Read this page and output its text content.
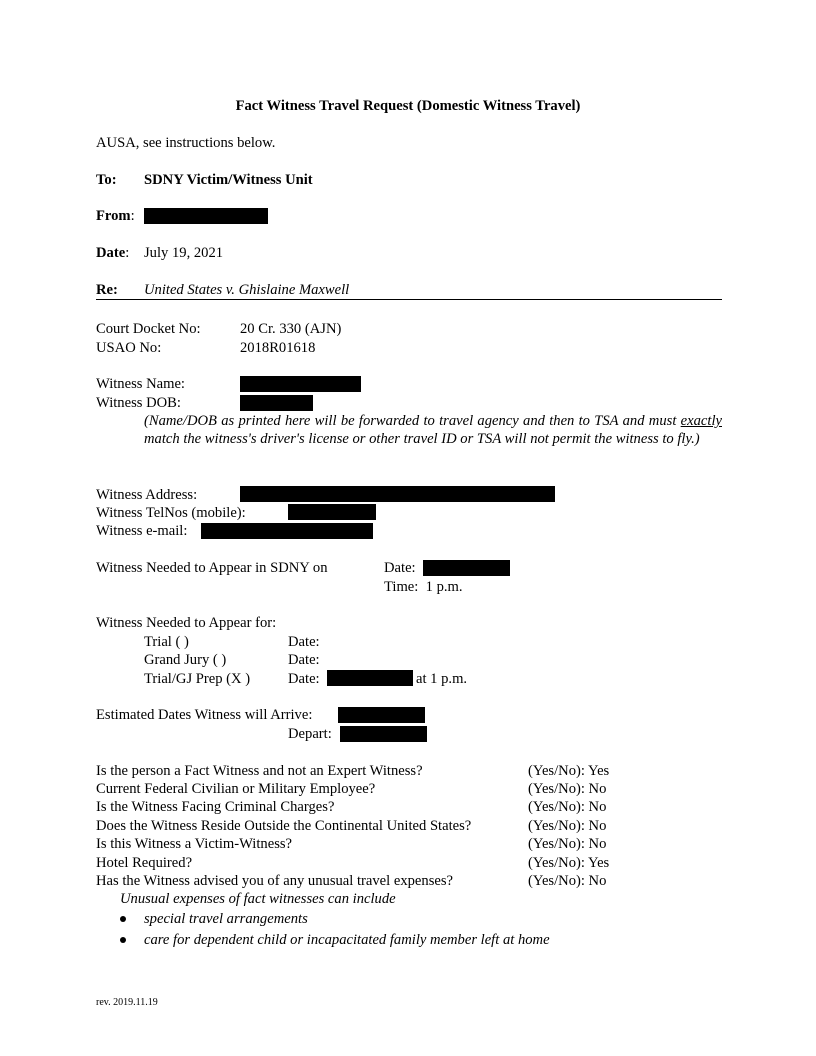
Fact Witness Travel Request (Domestic Witness Travel)
AUSA, see instructions below.
To: SDNY Victim/Witness Unit
From:
Date: July 19, 2021
Re: United States v. Ghislaine Maxwell
Court Docket No:	20 Cr. 330 (AJN)
USAO No:	2018R01618
Witness Name:
Witness DOB:
(Name/DOB as printed here will be forwarded to travel agency and then to TSA and must exactly match the witness's driver's license or other travel ID or TSA will not permit the witness to fly.)
Witness Address:
Witness TelNos (mobile):
Witness e-mail:
Witness Needed to Appear in SDNY on	Date:
Time: 1 p.m.
Witness Needed to Appear for:
Trial ( )	Date:
Grand Jury ( )	Date:
Trial/GJ Prep (X )	Date:	at 1 p.m.
Estimated Dates Witness will Arrive:
Depart:
Is the person a Fact Witness and not an Expert Witness?	(Yes/No): Yes
Current Federal Civilian or Military Employee?	(Yes/No): No
Is the Witness Facing Criminal Charges?	(Yes/No): No
Does the Witness Reside Outside the Continental United States?	(Yes/No): No
Is this Witness a Victim-Witness?	(Yes/No): No
Hotel Required?	(Yes/No): Yes
Has the Witness advised you of any unusual travel expenses?	(Yes/No): No
Unusual expenses of fact witnesses can include
special travel arrangements
care for dependent child or incapacitated family member left at home
rev. 2019.11.19
